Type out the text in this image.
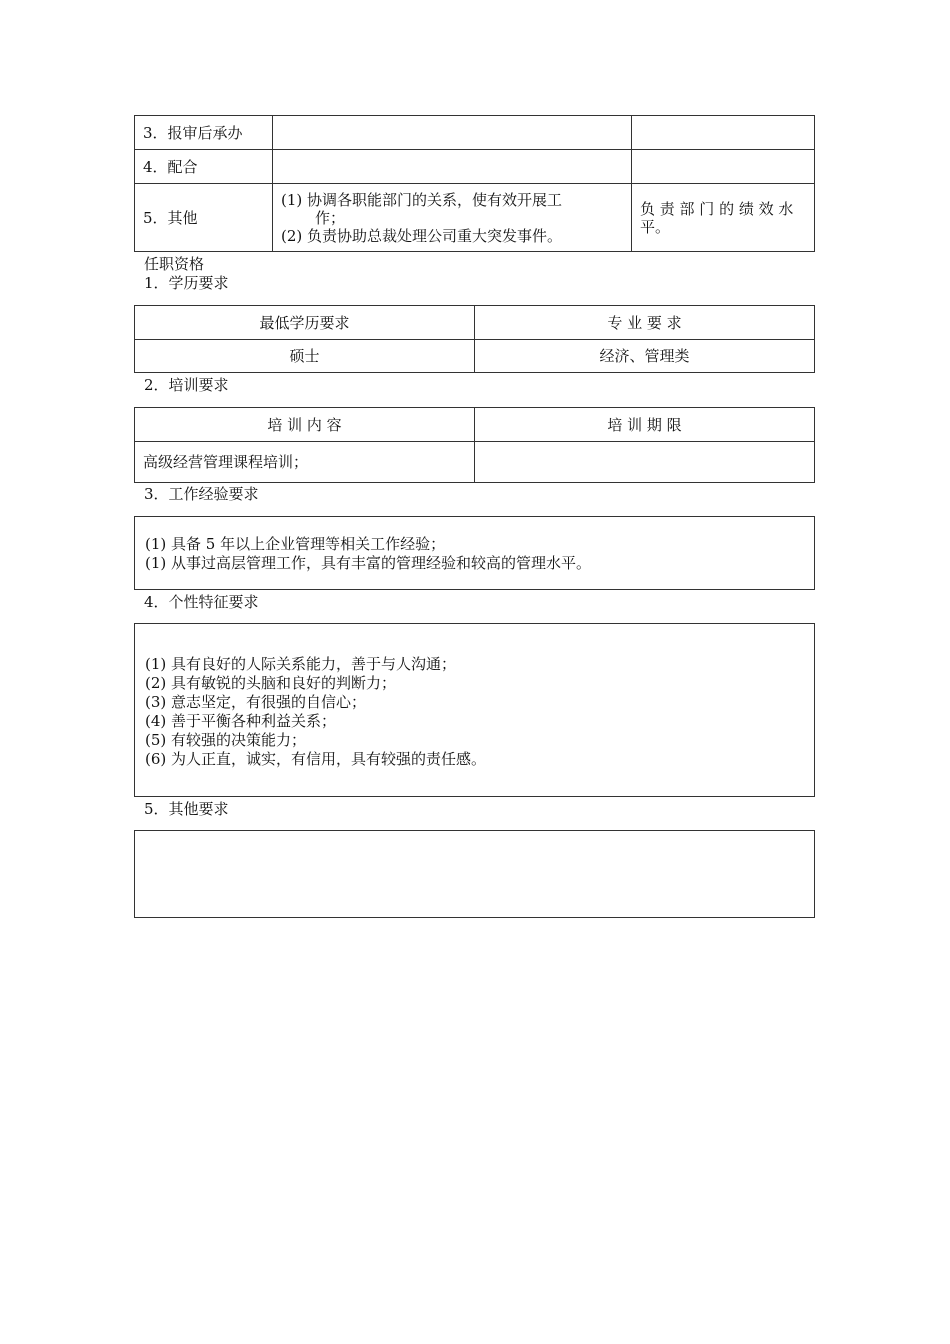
3．报审后承办		
4．配合		
5．其他	(1) 协调各职能部门的关系，使有效开展工
作；
(2) 负责协助总裁处理公司重大突发事件。	负 责 部 门 的 绩 效 水
平。
任职资格
1．学历要求
最低学历要求	专 业 要 求
硕士	经济、管理类
2．培训要求
培 训 内 容	培 训 期 限
高级经营管理课程培训；	
3．工作经验要求
(1) 具备 5 年以上企业管理等相关工作经验；
(1) 从事过高层管理工作，具有丰富的管理经验和较高的管理水平。
4．个性特征要求
(1) 具有良好的人际关系能力，善于与人沟通；
(2) 具有敏锐的头脑和良好的判断力；
(3) 意志坚定，有很强的自信心；
(4) 善于平衡各种利益关系；
(5) 有较强的决策能力；
(6) 为人正直，诚实，有信用，具有较强的责任感。
5．其他要求
